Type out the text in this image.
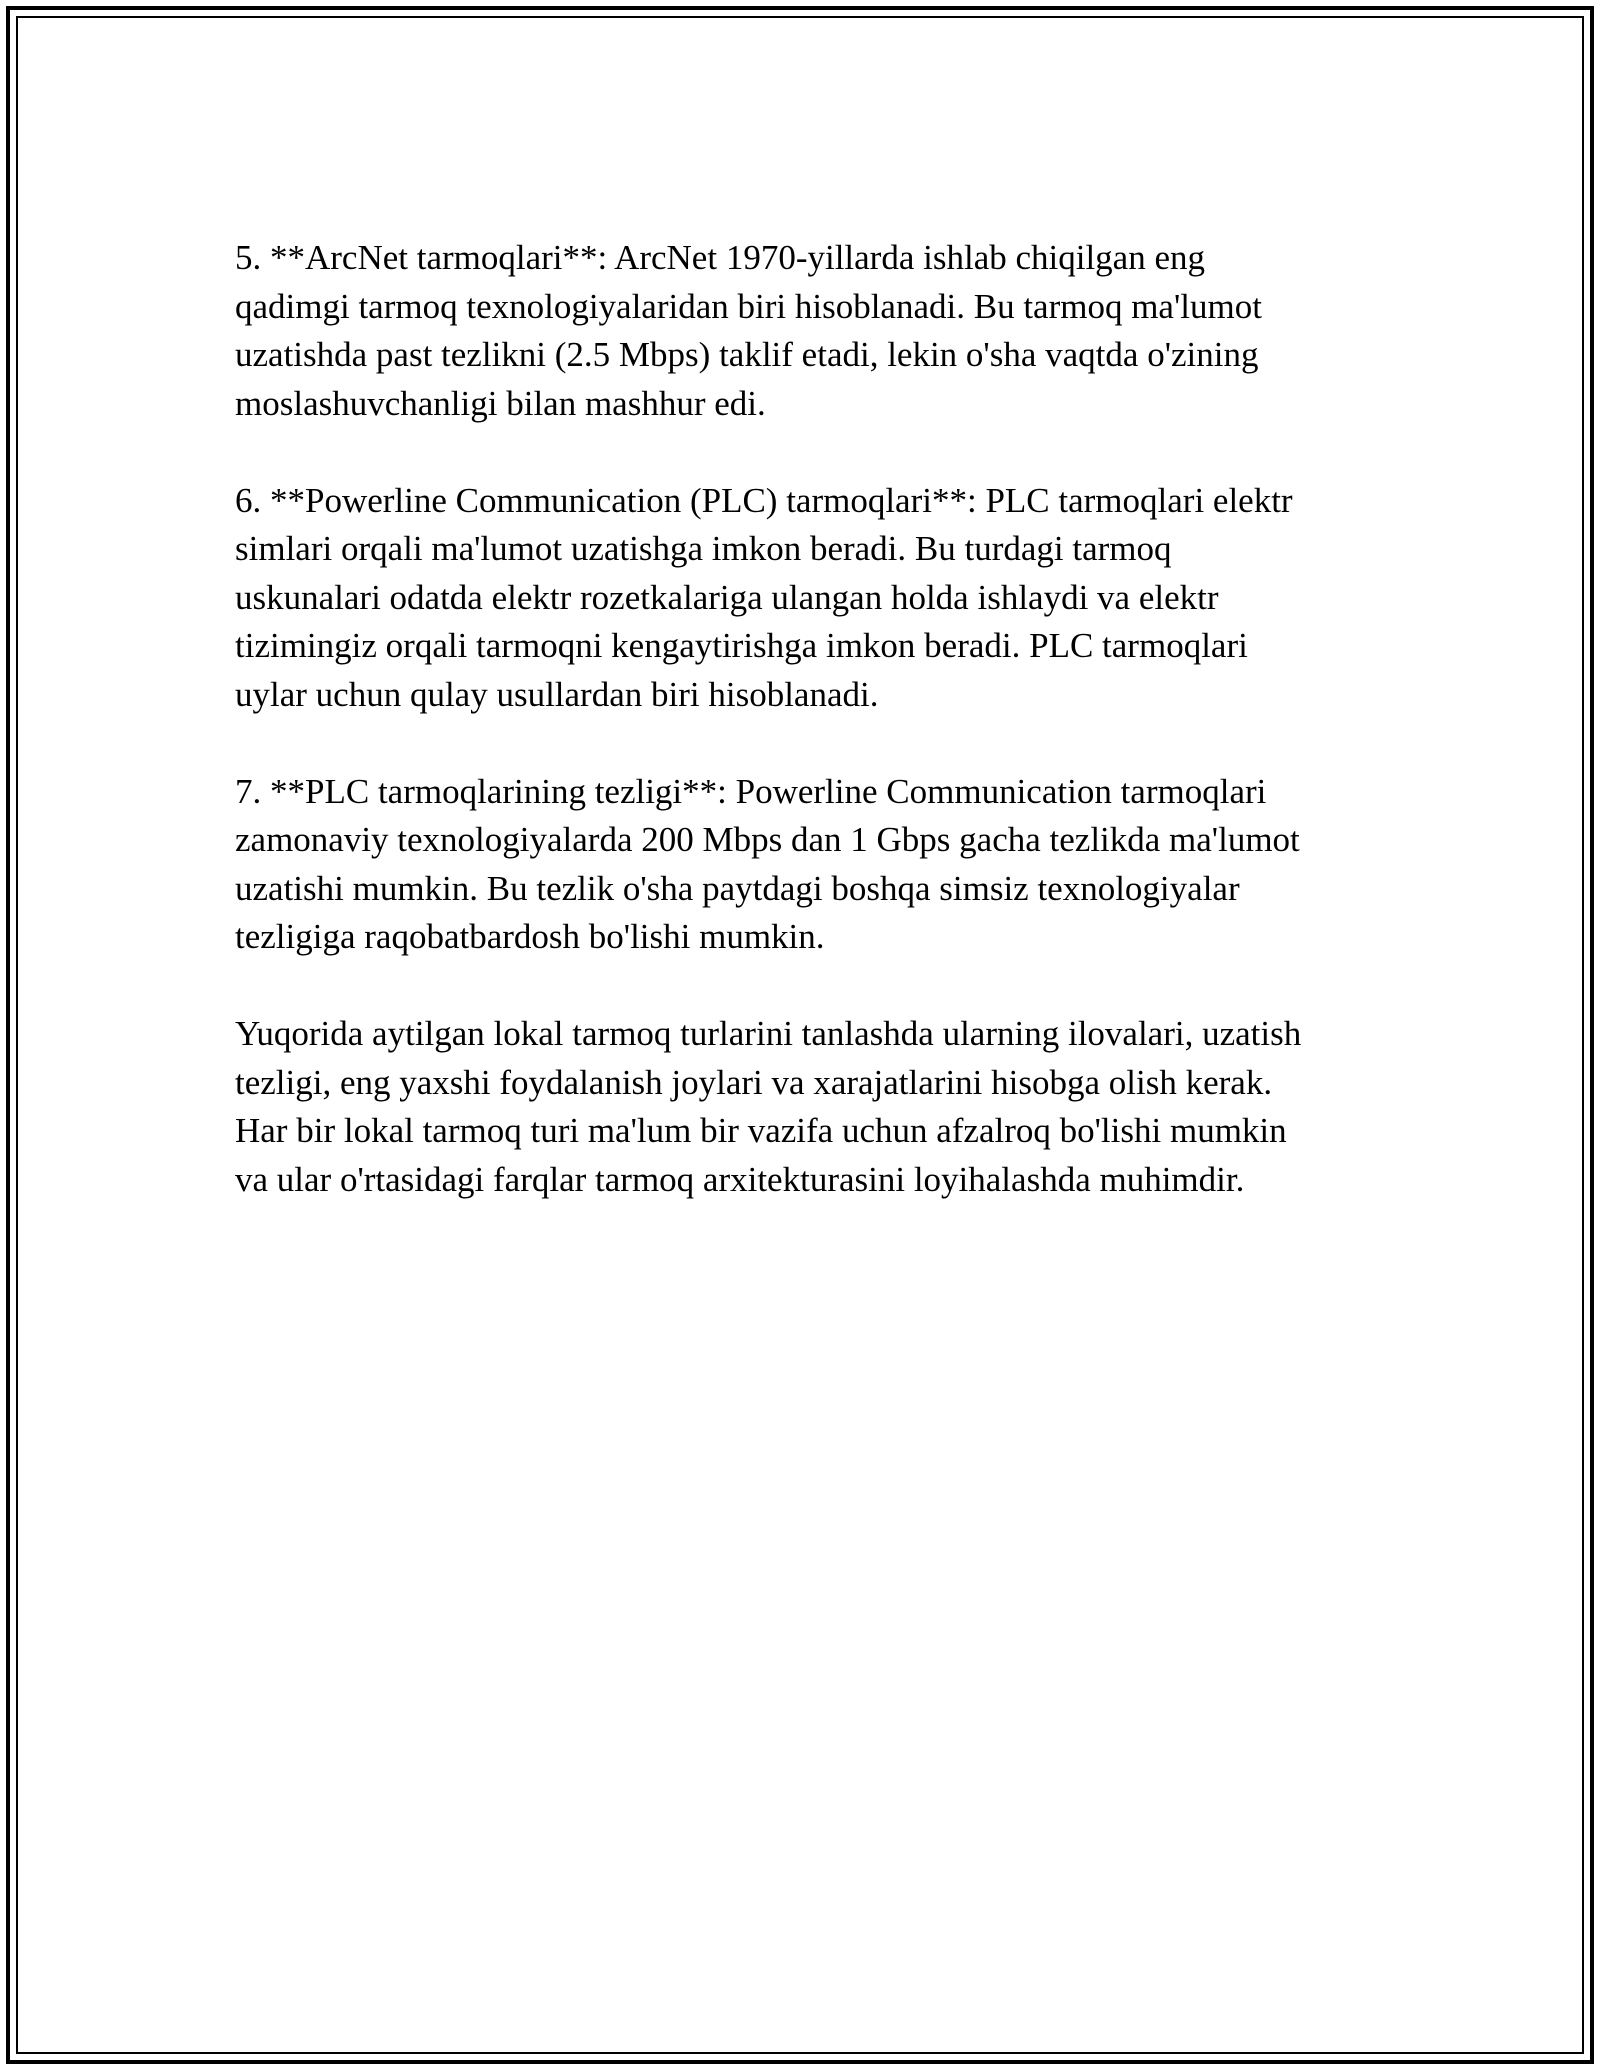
5. **ArcNet tarmoqlari**: ArcNet 1970-yillarda ishlab chiqilgan eng
qadimgi tarmoq texnologiyalaridan biri hisoblanadi. Bu tarmoq ma'lumot
uzatishda past tezlikni (2.5 Mbps) taklif etadi, lekin o'sha vaqtda o'zining
moslashuvchanligi bilan mashhur edi.

6. **Powerline Communication (PLC) tarmoqlari**: PLC tarmoqlari elektr
simlari orqali ma'lumot uzatishga imkon beradi. Bu turdagi tarmoq
uskunalari odatda elektr rozetkalariga ulangan holda ishlaydi va elektr
tizimingiz orqali tarmoqni kengaytirishga imkon beradi. PLC tarmoqlari
uylar uchun qulay usullardan biri hisoblanadi.

7. **PLC tarmoqlarining tezligi**: Powerline Communication tarmoqlari
zamonaviy texnologiyalarda 200 Mbps dan 1 Gbps gacha tezlikda ma'lumot
uzatishi mumkin. Bu tezlik o'sha paytdagi boshqa simsiz texnologiyalar
tezligiga raqobatbardosh bo'lishi mumkin.

Yuqorida aytilgan lokal tarmoq turlarini tanlashda ularning ilovalari, uzatish
tezligi, eng yaxshi foydalanish joylari va xarajatlarini hisobga olish kerak.
Har bir lokal tarmoq turi ma'lum bir vazifa uchun afzalroq bo'lishi mumkin
va ular o'rtasidagi farqlar tarmoq arxitekturasini loyihalashda muhimdir.
